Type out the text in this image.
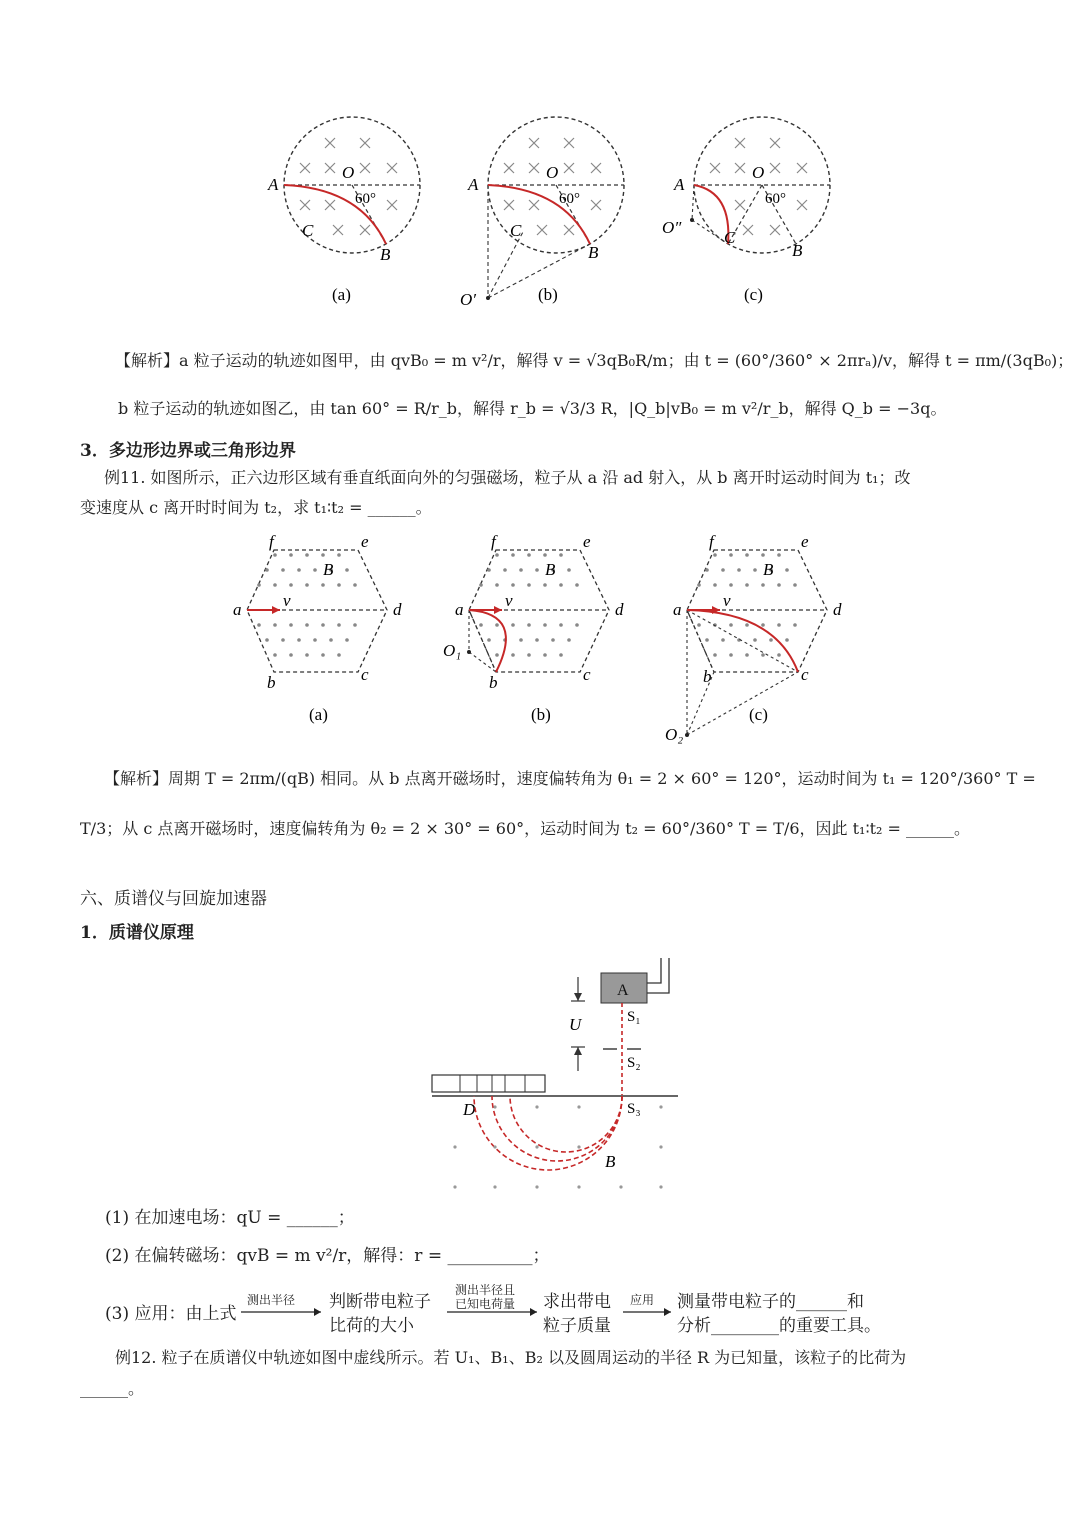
A
O
60°
C
B
(a)
A
O
60°
C
B
O′	(b)
A
O
60°
C
B
O″
(c)
【解析】a 粒子运动的轨迹如图甲，由 qvB₀ = m v²/r，解得 v = √3qB₀R/m；由 t = (60°/360° × 2πrₐ)/v，解得 t = πm/(3qB₀)；
b 粒子运动的轨迹如图乙，由 tan 60° = R/r_b，解得 r_b = √3/3 R，|Q_b|vB₀ = m v²/r_b，解得 Q_b = −3q。
3．多边形边界或三角形边界
例11. 如图所示，正六边形区域有垂直纸面向外的匀强磁场，粒子从 a 沿 ad 射入，从 b 离开时运动时间为 t₁；改
变速度从 c 离开时时间为 t₂，求 t₁∶t₂ = ______。
f	e
B
a v	d
b	c
(a)
f	e
B
a v	d
O₁
b	c
(b)
f	e
B
a v	d
b	c
O₂
(c)
【解析】周期 T = 2πm/(qB) 相同。从 b 点离开磁场时，速度偏转角为 θ₁ = 2 × 60° = 120°，运动时间为 t₁ = 120°/360° T =
T/3；从 c 点离开磁场时，速度偏转角为 θ₂ = 2 × 30° = 60°，运动时间为 t₂ = 60°/360° T = T/6，因此 t₁∶t₂ = ______。
六、质谱仪与回旋加速器
1．质谱仪原理
A
U	S₁
S₂
S₃
D
B
(1) 在加速电场：qU = ______；
(2) 在偏转磁场：qvB = m v²/r，解得：r = __________；
(3) 应用：由上式
测出半径 判断带电粒子
比荷的大小
测出半径且
已知电荷量 求出带电
粒子质量
应用 测量带电粒子的______和
分析________的重要工具。
例12. 粒子在质谱仪中轨迹如图中虚线所示。若 U₁、B₁、B₂ 以及圆周运动的半径 R 为已知量，该粒子的比荷为
______。
